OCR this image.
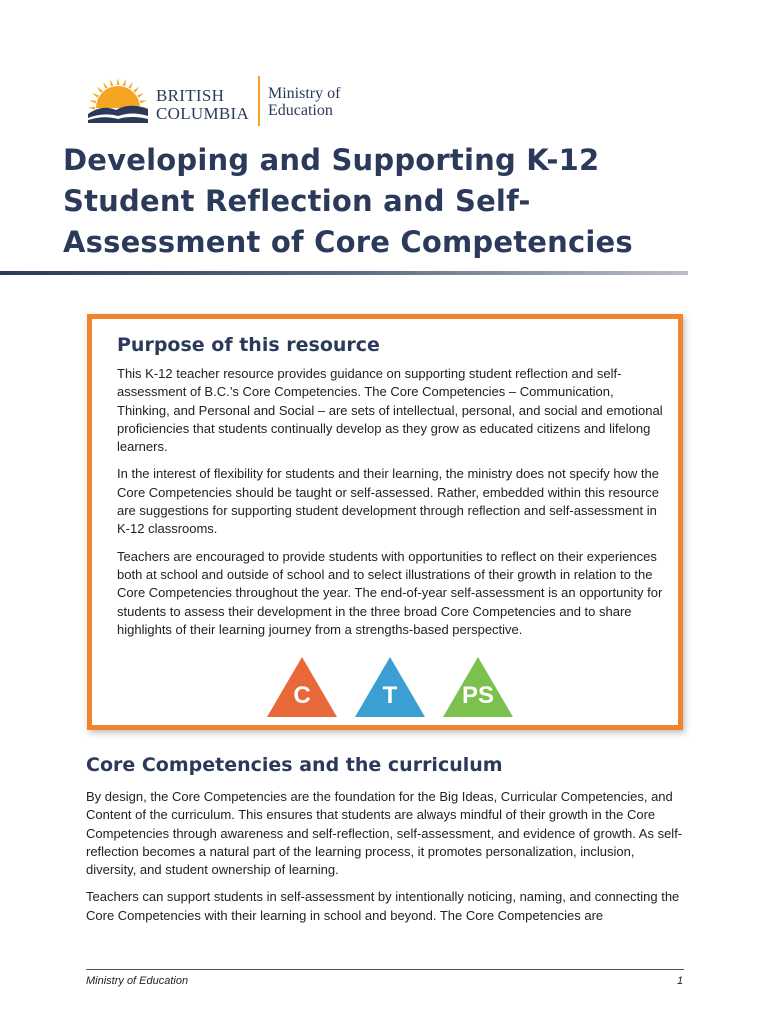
BRITISH
COLUMBIA
Ministry of
Education
Developing and Supporting K-12 Student Reflection and Self-Assessment of Core Competencies
Purpose of this resource

This K-12 teacher resource provides guidance on supporting student reflection and self-assessment of B.C.’s Core Competencies. The Core Competencies – Communication, Thinking, and Personal and Social – are sets of intellectual, personal, and social and emotional proficiencies that students continually develop as they grow as educated citizens and lifelong learners.

In the interest of flexibility for students and their learning, the ministry does not specify how the Core Competencies should be taught or self-assessed. Rather, embedded within this resource are suggestions for supporting student development through reflection and self-assessment in K-12 classrooms.

Teachers are encouraged to provide students with opportunities to reflect on their experiences both at school and outside of school and to select illustrations of their growth in relation to the Core Competencies throughout the year. The end-of-year self-assessment is an opportunity for students to assess their development in the three broad Core Competencies and to share highlights of their learning journey from a strengths-based perspective.

C	T	PS
Core Competencies and the curriculum

By design, the Core Competencies are the foundation for the Big Ideas, Curricular Competencies, and Content of the curriculum. This ensures that students are always mindful of their growth in the Core Competencies through awareness and self-reflection, self-assessment, and evidence of growth. As self-reflection becomes a natural part of the learning process, it promotes personalization, inclusion, diversity, and student ownership of learning.

Teachers can support students in self-assessment by intentionally noticing, naming, and connecting the Core Competencies with their learning in school and beyond. The Core Competencies are

Ministry of Education	1
